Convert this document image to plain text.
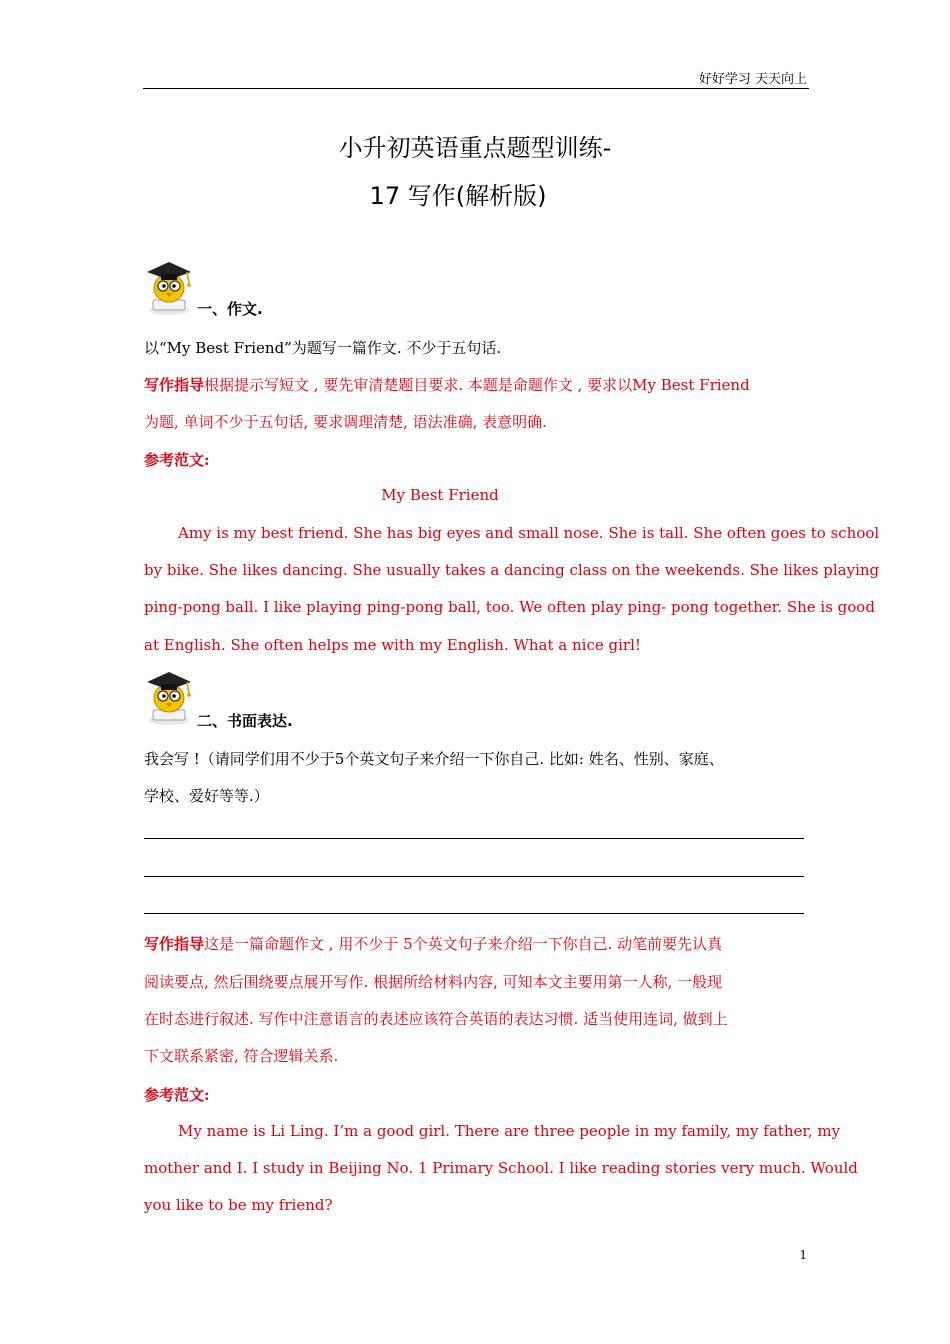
好好学习 天天向上
小升初英语重点题型训练-
17 写作(解析版)
一、作文.
以“My Best Friend”为题写一篇作文. 不少于五句话.
写作指导根据提示写短文 , 要先审清楚题目要求. 本题是命题作文 , 要求以My Best Friend
为题, 单词不少于五句话, 要求调理清楚, 语法准确, 表意明确.
参考范文:
My Best Friend
Amy is my best friend. She has big eyes and small nose. She is tall. She often goes to school
by bike. She likes dancing. She usually takes a dancing class on the weekends. She likes playing
ping-pong ball. I like playing ping-pong ball, too. We often play ping- pong together. She is good
at English. She often helps me with my English. What a nice girl!
二、书面表达.
我会写 !（请同学们用不少于5个英文句子来介绍一下你自己. 比如: 姓名、性别、家庭、
学校、爱好等等.）
写作指导这是一篇命题作文 , 用不少于 5个英文句子来介绍一下你自己. 动笔前要先认真
阅读要点, 然后围绕要点展开写作. 根据所给材料内容, 可知本文主要用第一人称, 一般现
在时态进行叙述. 写作中注意语言的表述应该符合英语的表达习惯. 适当使用连词, 做到上
下文联系紧密, 符合逻辑关系.
参考范文:
My name is Li Ling. I’m a good girl. There are three people in my family, my father, my
mother and I. I study in Beijing No. 1 Primary School. I like reading stories very much. Would
you like to be my friend?
1
